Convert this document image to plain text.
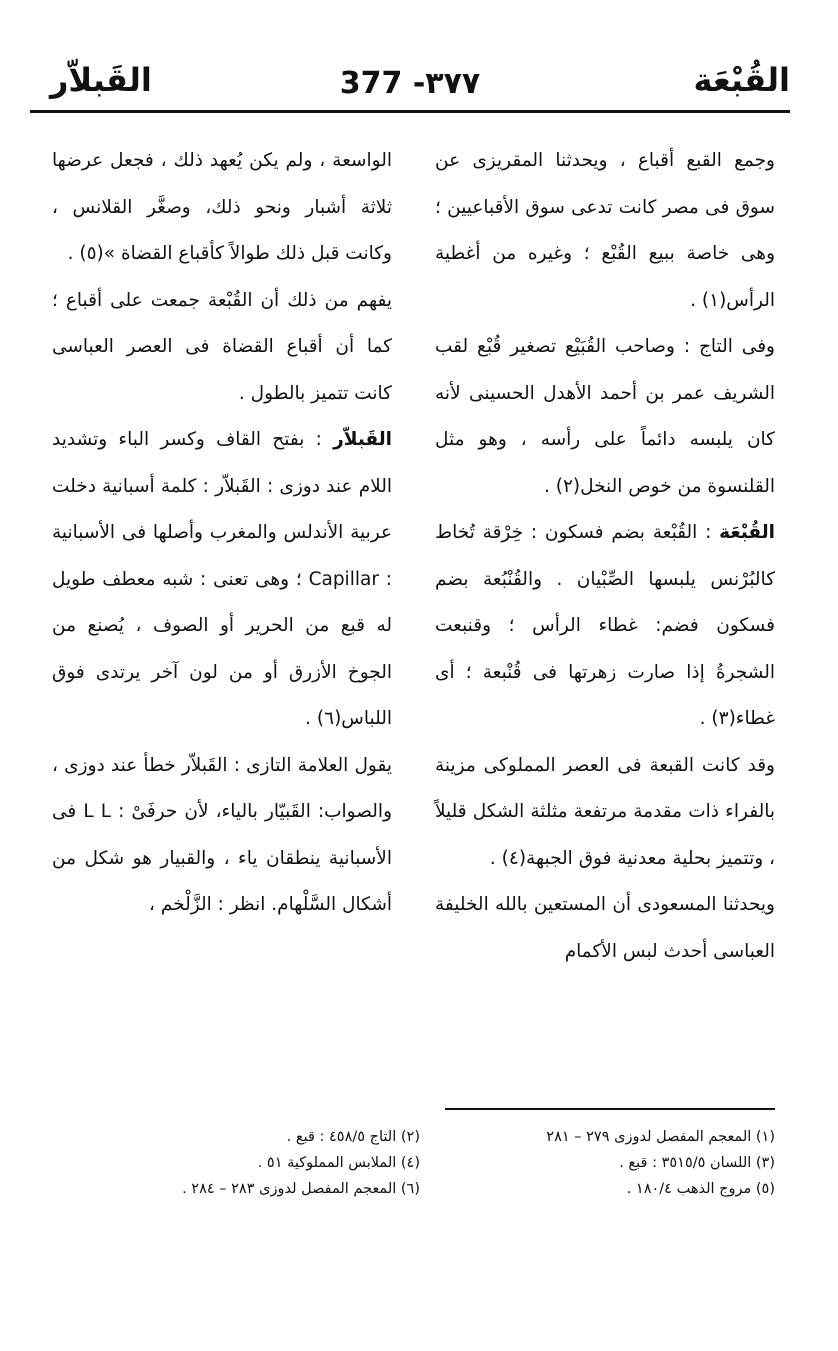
القُبْعَة
377 -٣٧٧
القَبلاّر

وجمع القبع أقباع ، ويحدثنا المقريزى عن سوق فى مصر كانت تدعى سوق الأقباعيين ؛ وهى خاصة ببيع القُبْع ؛ وغيره من أغطية الرأس(١) .

وفى التاج : وصاحب القُبَيْع تصغير قُبْع لقب الشريف عمر بن أحمد الأهدل الحسينى لأنه كان يلبسه دائماً على رأسه ، وهو مثل القلنسوة من خوص النخل(٢) .

القُبْعَة : القُبْعة بضم فسكون : خِرْقة تُخاط كالبُرْنس يلبسها الصِّبْيان . والقُنْبُعة بضم فسكون فضم: غطاء الرأس ؛ وقنبعت الشجرةُ إذا صارت زهرتها فى قُنْبعة ؛ أى غطاء(٣) .

وقد كانت القبعة فى العصر المملوكى مزينة بالفراء ذات مقدمة مرتفعة مثلثة الشكل قليلاً ، وتتميز بحلية معدنية فوق الجبهة(٤) .

ويحدثنا المسعودى أن المستعين بالله الخليفة العباسى أحدث لبس الأكمام

الواسعة ، ولم يكن يُعهد ذلك ، فجعل عرضها ثلاثة أشبار ونحو ذلك، وصغَّر القلانس ، وكانت قبل ذلك طوالاً كأقباع القضاة »(٥) .

يفهم من ذلك أن القُبْعة جمعت على أقباع ؛ كما أن أقباع القضاة فى العصر العباسى كانت تتميز بالطول .

القَبلاّر : بفتح القاف وكسر الباء وتشديد اللام عند دوزى : القَبلاّر : كلمة أسبانية دخلت عربية الأندلس والمغرب وأصلها فى الأسبانية : Capillar ؛ وهى تعنى : شبه معطف طويل له قبع من الحرير أو الصوف ، يُصنع من الجوخ الأزرق أو من لون آخر يرتدى فوق اللباس(٦) .

يقول العلامة التازى : القَبلاّر خطأ عند دوزى ، والصواب: القَبيّار بالياء، لأن حرفَىْ : L L فى الأسبانية ينطقان ياء ، والقبيار هو شكل من أشكال السَّلْهام. انظر : الزَّلْخم ،

(١) المعجم المفصل لدوزى ٢٧٩ – ٢٨١
(٣) اللسان ٣٥١٥/٥ : قبع .
(٥) مروج الذهب ١٨٠/٤ .
(٢) التاج ٤٥٨/٥ : قبع .
(٤) الملابس المملوكية ٥١ .
(٦) المعجم المفصل لدوزى ٢٨٣ – ٢٨٤ .
